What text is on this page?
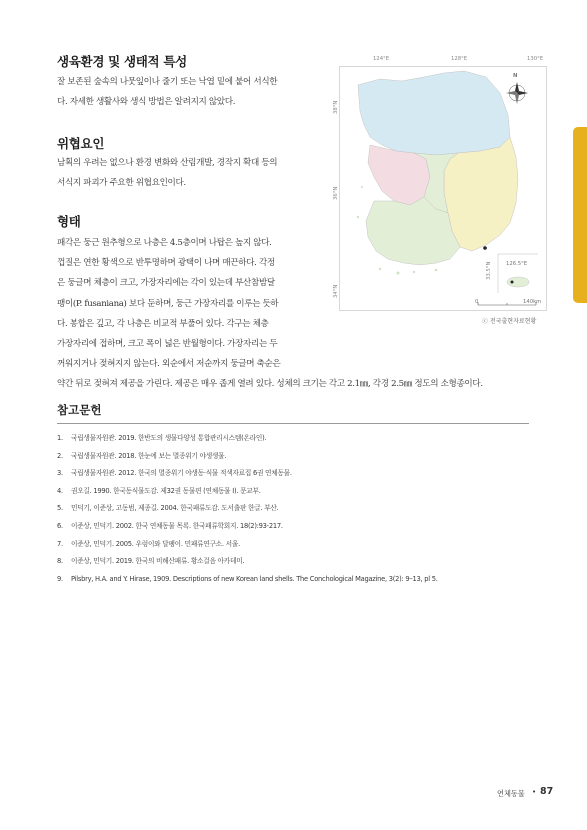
생육환경 및 생태적 특성
잘 보존된 숲속의 나뭇잎이나 줄기 또는 낙엽 밑에 붙어 서식한
다. 자세한 생활사와 생식 방법은 알려지지 않았다.
위협요인
남획의 우려는 없으나 환경 변화와 산림개발, 경작지 확대 등의
서식지 파괴가 주요한 위협요인이다.
형태
패각은 둥근 원추형으로 나층은 4.5층이며 나탑은 높지 않다.
껍질은 연한 황색으로 반투명하며 광택이 나며 매끈하다. 각정
은 둥글며 체층이 크고, 가장자리에는 각이 있는데 부산참밤달
팽이(P. fusaniana) 보다 둔하며, 둥근 가장자리를 이루는 듯하
다. 봉합은 깊고, 각 나층은 비교적 부풀어 있다. 각구는 체층
가장자리에 접하며, 크고 폭이 넓은 반월형이다. 가장자리는 두
꺼워지거나 젖혀지지 않는다. 외순에서 저순까지 둥글며 축순은
약간 뒤로 젖혀져 제공을 가린다. 제공은 매우 좁게 열려 있다. 성체의 크기는 각고 2.1㎜, 각경 2.5㎜ 정도의 소형종이다.
124°E	128°E	130°E
38°N
36°N
34°N
N
33.5°N	126.5°E
0	140km
ⓒ 전국출현자료현황
참고문헌
1. 국립생물자원관. 2019. 한반도의 생물다양성 통합관리시스템(온라인).
2. 국립생물자원관. 2018. 한눈에 보는 멸종위기 야생생물.
3. 국립생물자원관. 2012. 한국의 멸종위기 야생동·식물 적색자료집 6권 연체동물.
4. 권오길. 1990. 한국동식물도감. 제32권 동물편 (연체동물 Ⅰ). 문교부.
5. 민덕기, 이준상, 고동범, 제종길. 2004. 한국패류도감. 도서출판 한글. 부산.
6. 이준상, 민덕기. 2002. 한국 연체동물 목록. 한국패류학회지. 18(2):93-217.
7. 이준상, 민덕기. 2005. 우렁이와 달팽이. 민패류연구소. 서울.
8. 이준상, 민덕기. 2019. 한국의 비해산패류. 황소걸음 아카데미.
9. Pilsbry, H.A. and Y. Hirase, 1909. Descriptions of new Korean land shells. The Conchological Magazine, 3(2): 9–13, pl 5.
연체동물 • 87
